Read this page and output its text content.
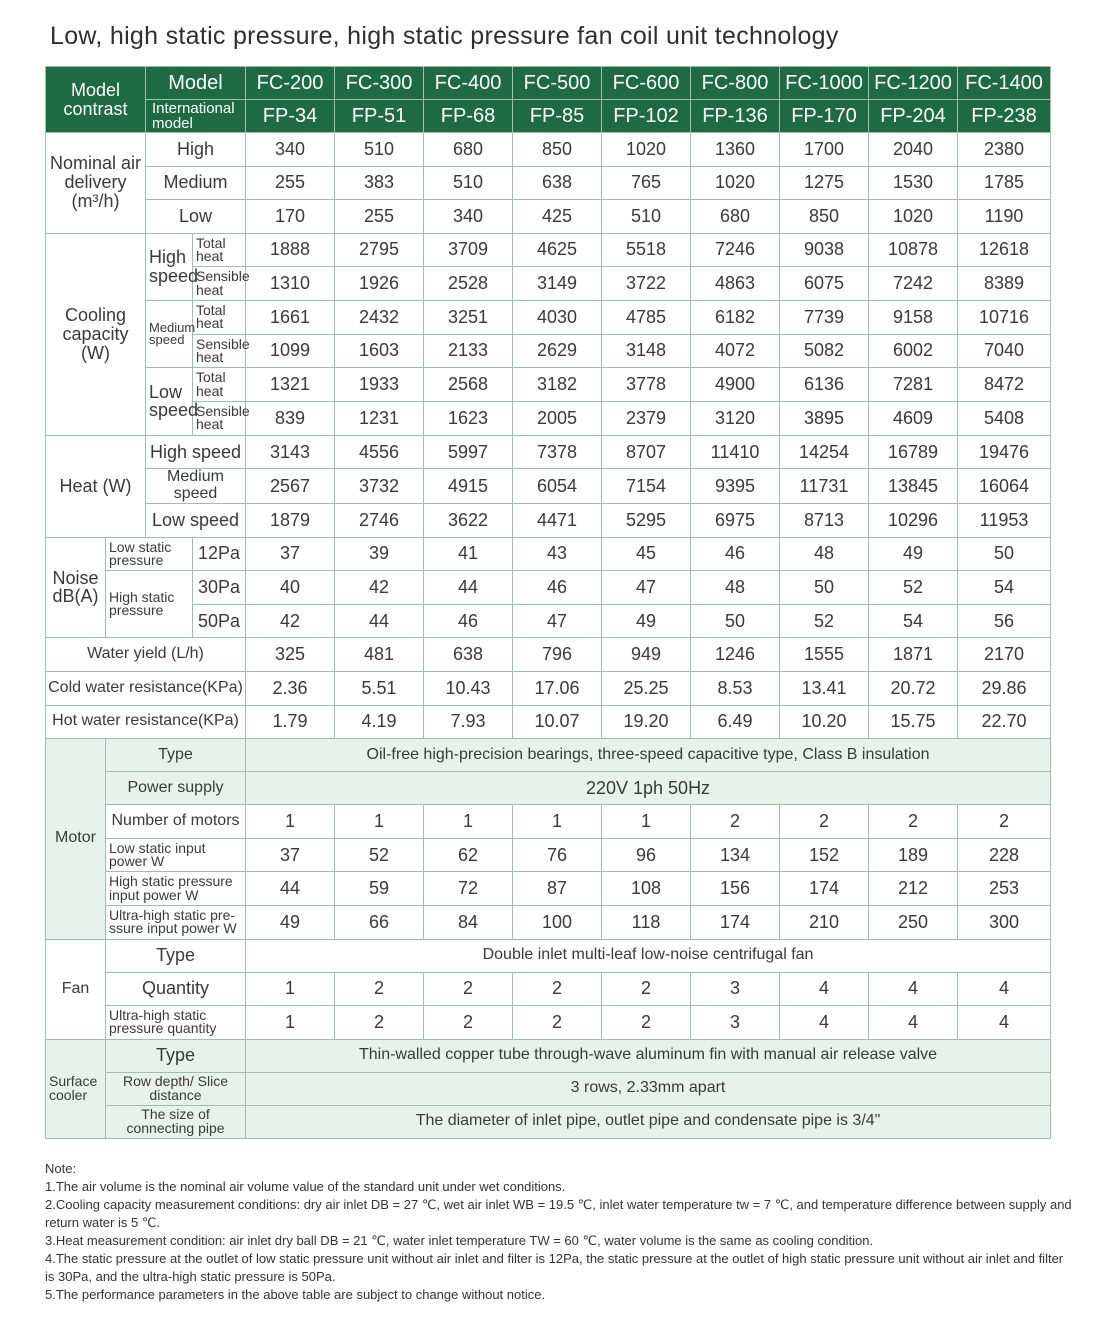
Low, high static pressure, high static pressure fan coil unit technology
Model contrast		Model		FC-200	FC-300	FC-400	FC-500	FC-600	FC-800	FC-1000	FC-1200	FC-1400
		International model		FP-34	FP-51	FP-68	FP-85	FP-102	FP-136	FP-170	FP-204	FP-238
Nominal air delivery (m³/h)		High		340	510	680	850	1020	1360	1700	2040	2380
		Medium		255	383	510	638	765	1020	1275	1530	1785
		Low		170	255	340	425	510	680	850	1020	1190
Cooling capacity (W)		High speed	Total heat	1888	2795	3709	4625	5518	7246	9038	10878	12618
			Sensible heat	1310	1926	2528	3149	3722	4863	6075	7242	8389
		Medium speed	Total heat	1661	2432	3251	4030	4785	6182	7739	9158	10716
			Sensible heat	1099	1603	2133	2629	3148	4072	5082	6002	7040
		Low speed	Total heat	1321	1933	2568	3182	3778	4900	6136	7281	8472
			Sensible heat	839	1231	1623	2005	2379	3120	3895	4609	5408
Heat (W)		High speed		3143	4556	5997	7378	8707	11410	14254	16789	19476
		Medium speed		2567	3732	4915	6054	7154	9395	11731	13845	16064
		Low speed		1879	2746	3622	4471	5295	6975	8713	10296	11953
Noise dB(A)	Low static pressure		12Pa	37	39	41	43	45	46	48	49	50
	High static pressure		30Pa	40	42	44	46	47	48	50	52	54
			50Pa	42	44	46	47	49	50	52	54	56
Water yield (L/h)				325	481	638	796	949	1246	1555	1871	2170
Cold water resistance(KPa)				2.36	5.51	10.43	17.06	25.25	8.53	13.41	20.72	29.86
Hot water resistance(KPa)				1.79	4.19	7.93	10.07	19.20	6.49	10.20	15.75	22.70
Motor	Type			Oil-free high-precision bearings, three-speed capacitive type, Class B insulation								
	Power supply			220V 1ph 50Hz								
	Number of motors			1	1	1	1	1	2	2	2	2
	Low static input power W			37	52	62	76	96	134	152	189	228
	High static pressure input power W			44	59	72	87	108	156	174	212	253
	Ultra-high static pre-ssure input power W			49	66	84	100	118	174	210	250	300
Fan	Type			Double inlet multi-leaf low-noise centrifugal fan								
	Quantity			1	2	2	2	2	3	4	4	4
	Ultra-high static pressure quantity			1	2	2	2	2	3	4	4	4
Surface cooler	Type			Thin-walled copper tube through-wave aluminum fin with manual air release valve								
	Row depth/ Slice distance			3 rows, 2.33mm apart								
	The size of connecting pipe			The diameter of inlet pipe, outlet pipe and condensate pipe is 3/4"								
Note:
1.The air volume is the nominal air volume value of the standard unit under wet conditions.
2.Cooling capacity measurement conditions: dry air inlet DB = 27 ℃, wet air inlet WB = 19.5 ℃, inlet water temperature tw = 7 ℃, and temperature difference between supply and return water is 5 ℃.
3.Heat measurement condition: air inlet dry ball DB = 21 ℃, water inlet temperature TW = 60 ℃, water volume is the same as cooling condition.
4.The static pressure at the outlet of low static pressure unit without air inlet and filter is 12Pa, the static pressure at the outlet of high static pressure unit without air inlet and filter is 30Pa, and the ultra-high static pressure is 50Pa.
5.The performance parameters in the above table are subject to change without notice.
